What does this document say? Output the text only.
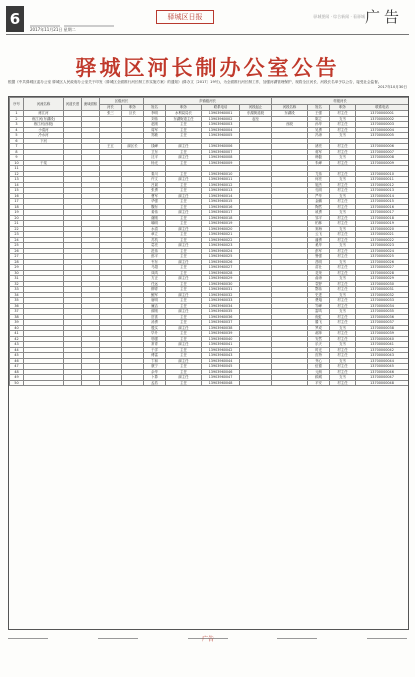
6	驿城区日报	驿城要闻 · 综合新闻 · 看驿城 广告
2017年11月21日 星期二
驿城区河长制办公室公告
根据《中共驿城区委办公室 驿城区人民政府办公室关于印发〈驿城区全面推行河长制工作实施方案〉的通知》(驿办文〔2017〕19号)，为全面推行河长制工作，加强河湖管理保护，现将全区河长、河段长名单予以公告，接受社会监督。
2017年10月30日
序号	河流名称	河道长度	流域面积	区级河长		乡镇级河长				村级河长			
				河长	职务	姓名	职务	联系电话	河段起止	河段名称	姓名	职务	联系电话
1	练江河			张三	区长	李明	水利局局长	13903960001	东湖街道段	东湖段	王强	村主任	13700000001
2	练江河(东湖段)					刘伟	东湖街道主任	13903960002	起至		陈立	支书	13700000002
3	练江河(西段)					赵刚	主任	13903960003		西段	孙华	村主任	13700000003
4	小清河					周军	主任	13903960004			吴勇	村主任	13700000004
5	冷水河					郑敏	主任	13903960005			冯涛	支书	13700000005
6	下河												
7				王五	副区长	钱峰	副主任	13903960006			褚亮	村主任	13700000006
8						卫东	主任	13903960007			蒋军	村主任	13700000007
9						沈平	副主任	13903960008			韩磊	支书	13700000008
10	干渠					杨光	主任	13903960009			朱峰	村主任	13700000009
11													
12						秦川	主任	13903960010			尤伟	村主任	13700000010
13						许文	副主任	13903960011			何亮	支书	13700000011
14						吕斌	主任	13903960012			施杰	村主任	13700000012
15						张勇	主任	13903960013			孔明	村主任	13700000013
16						曹军	副主任	13903960014			严华	支书	13700000014
17						华强	主任	13903960015			金鹏	村主任	13700000015
18						魏东	主任	13903960016			陶然	村主任	13700000016
19						姜伟	副主任	13903960017			戚勇	支书	13700000017
20						谢刚	主任	13903960018			邹平	村主任	13700000018
21						喻明	主任	13903960019			柏林	村主任	13700000019
22						水清	副主任	13903960020			窦海	支书	13700000020
23						章立	主任	13903960021			云飞	村主任	13700000021
24						苏杭	主任	13903960022			潘勇	村主任	13700000022
25						葛亮	副主任	13903960023			奚华	支书	13700000023
26						范伟	主任	13903960024			彭军	村主任	13700000024
27						郎平	主任	13903960025			鲁强	村主任	13700000025
28						韦东	副主任	13903960026			昌明	支书	13700000026
29						马超	主任	13903960027			苗壮	村主任	13700000027
30						凤鸣	主任	13903960028			花荣	村主任	13700000028
31						方正	副主任	13903960029			俞涛	支书	13700000029
32						任远	主任	13903960030			袁野	村主任	13700000030
33						柳青	主任	13903960031			酆伟	村主任	13700000031
34						鲍军	副主任	13903960032			史进	支书	13700000032
35						唐明	主任	13903960033			费翔	村主任	13700000033
36						廉洁	主任	13903960034			岑峰	村主任	13700000034
37						薛刚	副主任	13903960035			雷鸣	支书	13700000035
38						贺喜	主任	13903960036			倪虹	村主任	13700000036
39						汤勇	主任	13903960037			滕飞	村主任	13700000037
40						殷实	副主任	13903960038			罗成	支书	13700000038
41						毕升	主任	13903960039			郝帅	村主任	13700000039
42						邬强	主任	13903960040			安然	村主任	13700000040
43						常青	副主任	13903960041			乐天	支书	13700000041
44						于洋	主任	13903960042			时光	村主任	13700000042
45						傅雷	主任	13903960043			皮特	村主任	13700000043
46						卞和	副主任	13903960044			齐心	支书	13700000044
47						康宁	主任	13903960045			伍德	村主任	13700000045
48						余华	主任	13903960046			元朗	村主任	13700000046
49						卜算	副主任	13903960047			顾城	支书	13700000047
50						孟浩	主任	13903960048			平安	村主任	13700000048
广告
